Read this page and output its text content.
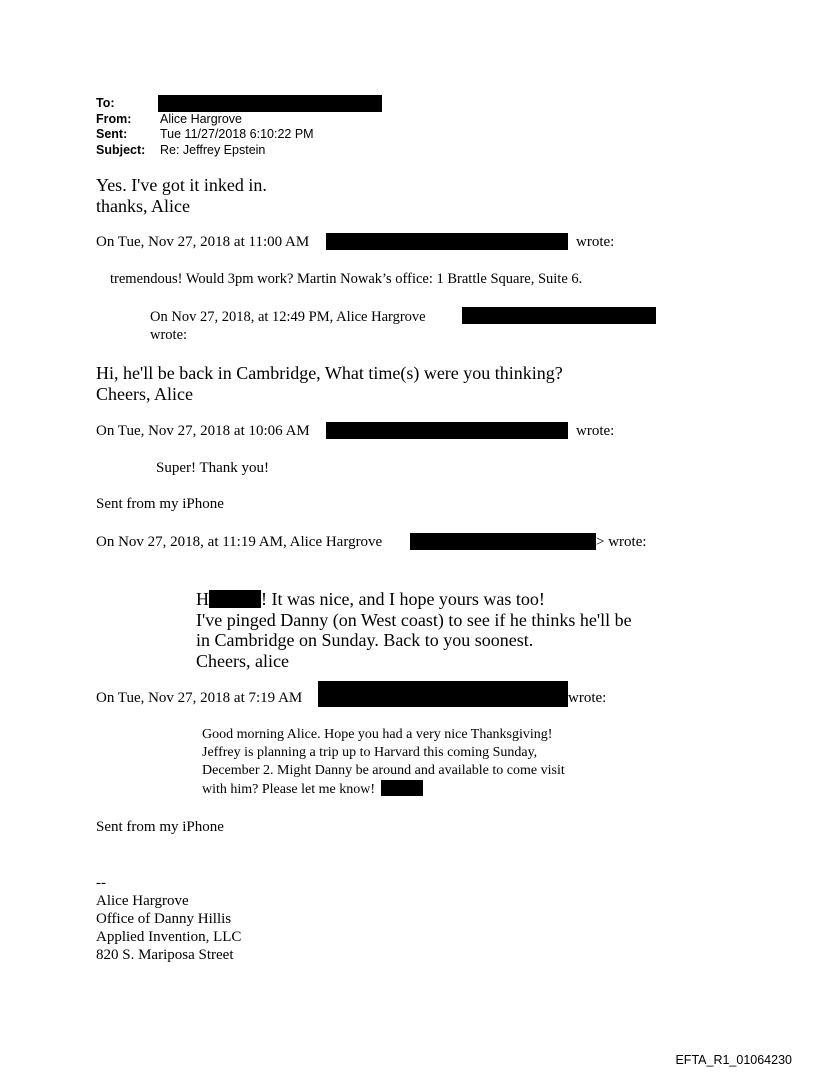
To:
From: Alice Hargrove
Sent:	Tue 11/27/2018 6:10:22 PM
Subject: Re: Jeffrey Epstein
Yes. I've got it inked in.
thanks, Alice
On Tue, Nov 27, 2018 at 11:00 AM	wrote:
tremendous! Would 3pm work? Martin Nowak’s office: 1 Brattle Square, Suite 6.
On Nov 27, 2018, at 12:49 PM, Alice Hargrove
wrote:
Hi, he'll be back in Cambridge, What time(s) were you thinking?
Cheers, Alice
On Tue, Nov 27, 2018 at 10:06 AM	wrote:
Super! Thank you!
Sent from my iPhone
On Nov 27, 2018, at 11:19 AM, Alice Hargrove	> wrote:
H	! It was nice, and I hope yours was too!
I've pinged Danny (on West coast) to see if he thinks he'll be
in Cambridge on Sunday. Back to you soonest.
Cheers, alice
On Tue, Nov 27, 2018 at 7:19 AM	wrote:
Good morning Alice. Hope you had a very nice Thanksgiving!
Jeffrey is planning a trip up to Harvard this coming Sunday,
December 2. Might Danny be around and available to come visit
with him? Please let me know!
Sent from my iPhone
--
Alice Hargrove
Office of Danny Hillis
Applied Invention, LLC
820 S. Mariposa Street
EFTA_R1_01064230
